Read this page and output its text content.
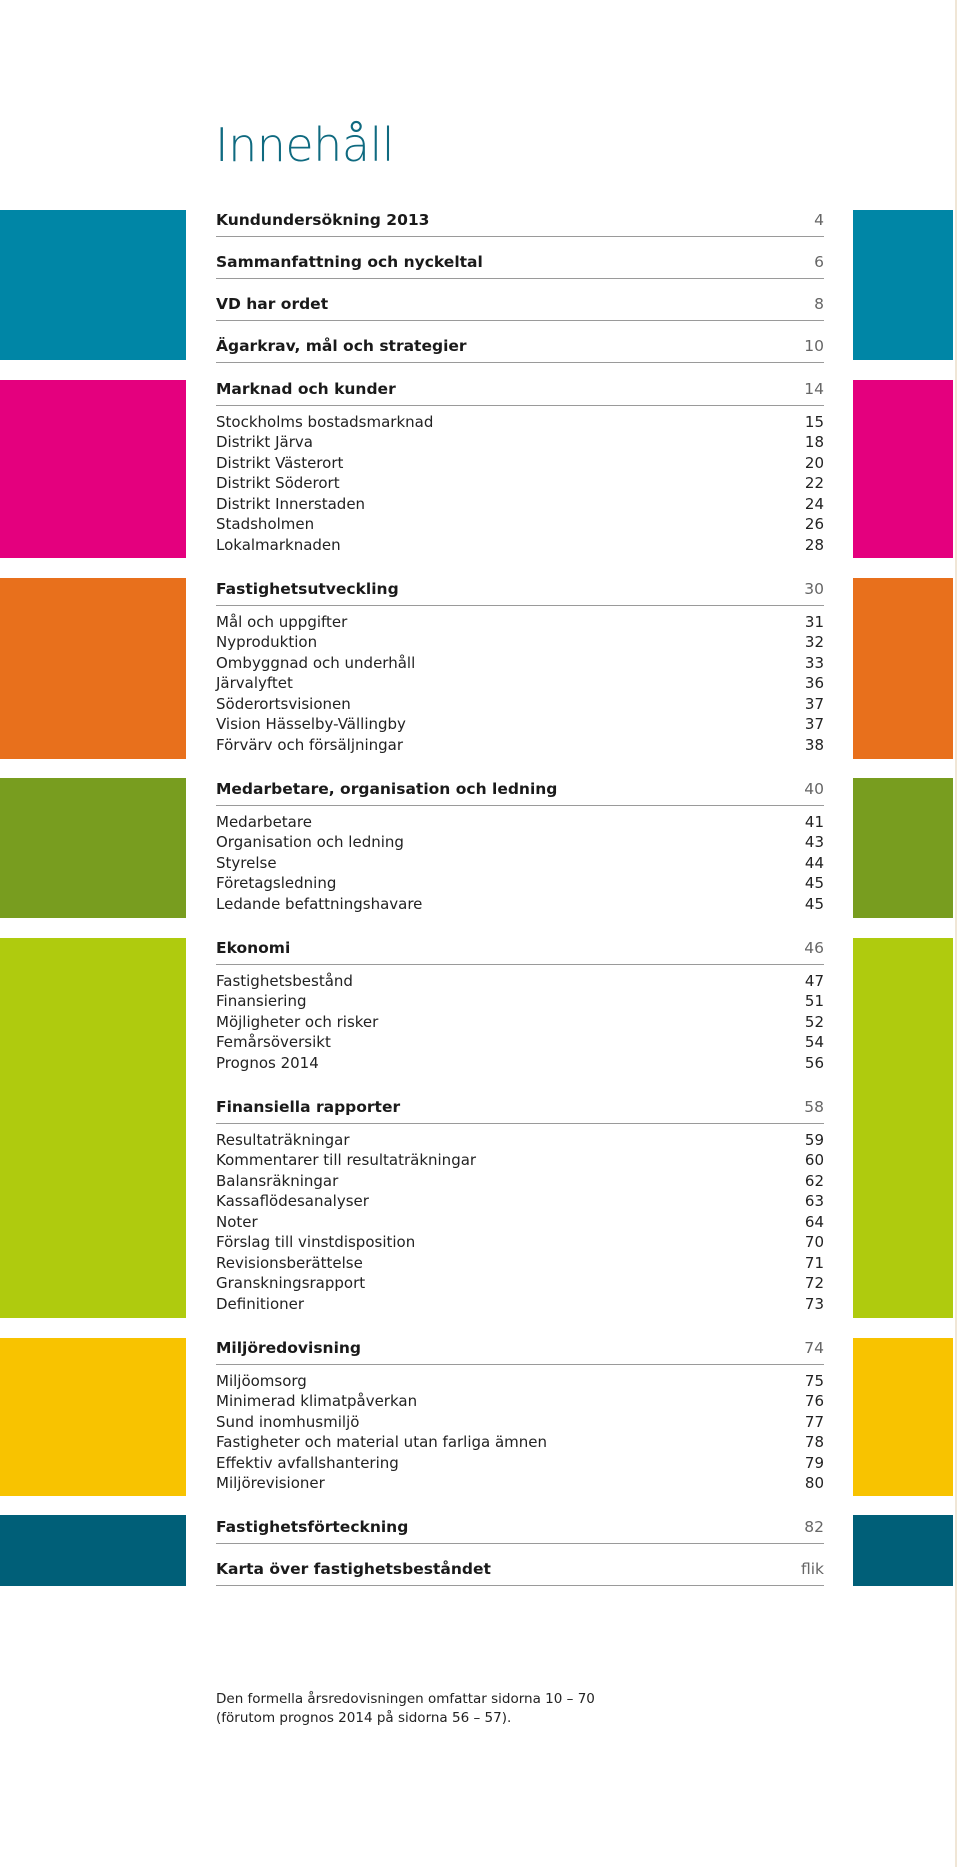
Innehåll
Kundundersökning 2013	4
Sammanfattning och nyckeltal	6
VD har ordet	8
Ägarkrav, mål och strategier	10
Marknad och kunder	14
Stockholms bostadsmarknad	15
Distrikt Järva	18
Distrikt Västerort	20
Distrikt Söderort	22
Distrikt Innerstaden	24
Stadsholmen	26
Lokalmarknaden	28
Fastighetsutveckling	30
Mål och uppgifter	31
Nyproduktion	32
Ombyggnad och underhåll	33
Järvalyftet	36
Söderortsvisionen	37
Vision Hässelby-Vällingby	37
Förvärv och försäljningar	38
Medarbetare, organisation och ledning	40
Medarbetare	41
Organisation och ledning	43
Styrelse	44
Företagsledning	45
Ledande befattningshavare	45
Ekonomi	46
Fastighetsbestånd	47
Finansiering	51
Möjligheter och risker	52
Femårsöversikt	54
Prognos 2014	56
Finansiella rapporter	58
Resultaträkningar	59
Kommentarer till resultaträkningar	60
Balansräkningar	62
Kassaflödesanalyser	63
Noter	64
Förslag till vinstdisposition	70
Revisionsberättelse	71
Granskningsrapport	72
Definitioner	73
Miljöredovisning	74
Miljöomsorg	75
Minimerad klimatpåverkan	76
Sund inomhusmiljö	77
Fastigheter och material utan farliga ämnen	78
Effektiv avfallshantering	79
Miljörevisioner	80
Fastighetsförteckning	82
Karta över fastighetsbeståndet	flik
Den formella årsredovisningen omfattar sidorna 10 – 70
(förutom prognos 2014 på sidorna 56 – 57).
